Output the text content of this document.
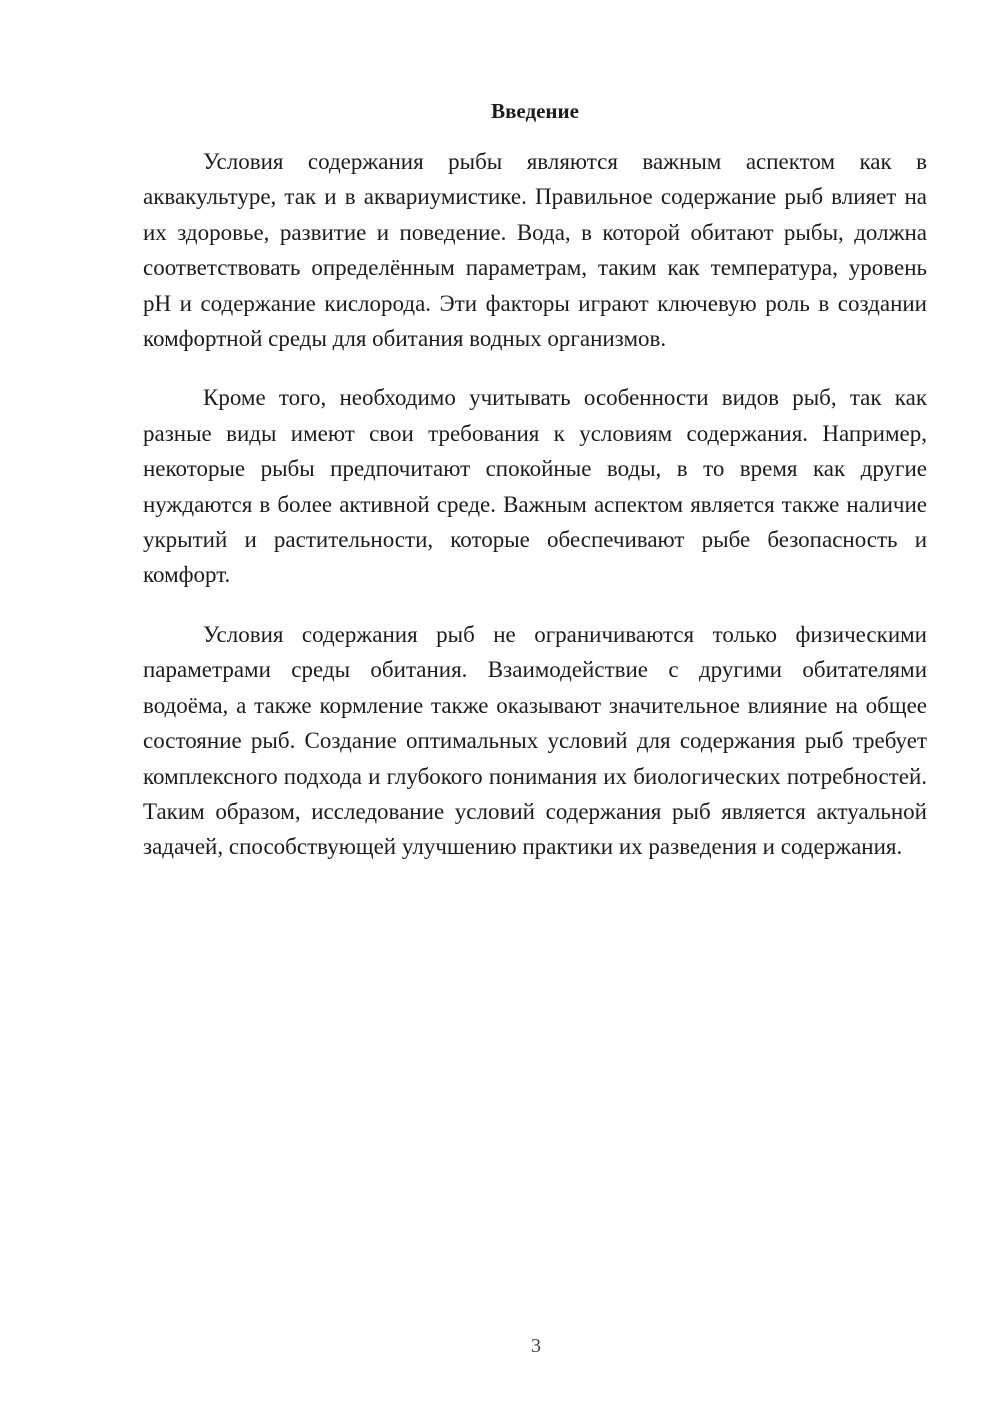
Введение

Условия содержания рыбы являются важным аспектом как в аквакультуре, так и в аквариумистике. Правильное содержание рыб влияет на их здоровье, развитие и поведение. Вода, в которой обитают рыбы, должна соответствовать определённым параметрам, таким как температура, уровень pH и содержание кислорода. Эти факторы играют ключевую роль в создании комфортной среды для обитания водных организмов.

Кроме того, необходимо учитывать особенности видов рыб, так как разные виды имеют свои требования к условиям содержания. Например, некоторые рыбы предпочитают спокойные воды, в то время как другие нуждаются в более активной среде. Важным аспектом является также наличие укрытий и растительности, которые обеспечивают рыбе безопасность и комфорт.

Условия содержания рыб не ограничиваются только физическими параметрами среды обитания. Взаимодействие с другими обитателями водоёма, а также кормление также оказывают значительное влияние на общее состояние рыб. Создание оптимальных условий для содержания рыб требует комплексного подхода и глубокого понимания их биологических потребностей. Таким образом, исследование условий содержания рыб является актуальной задачей, способствующей улучшению практики их разведения и содержания.

3
